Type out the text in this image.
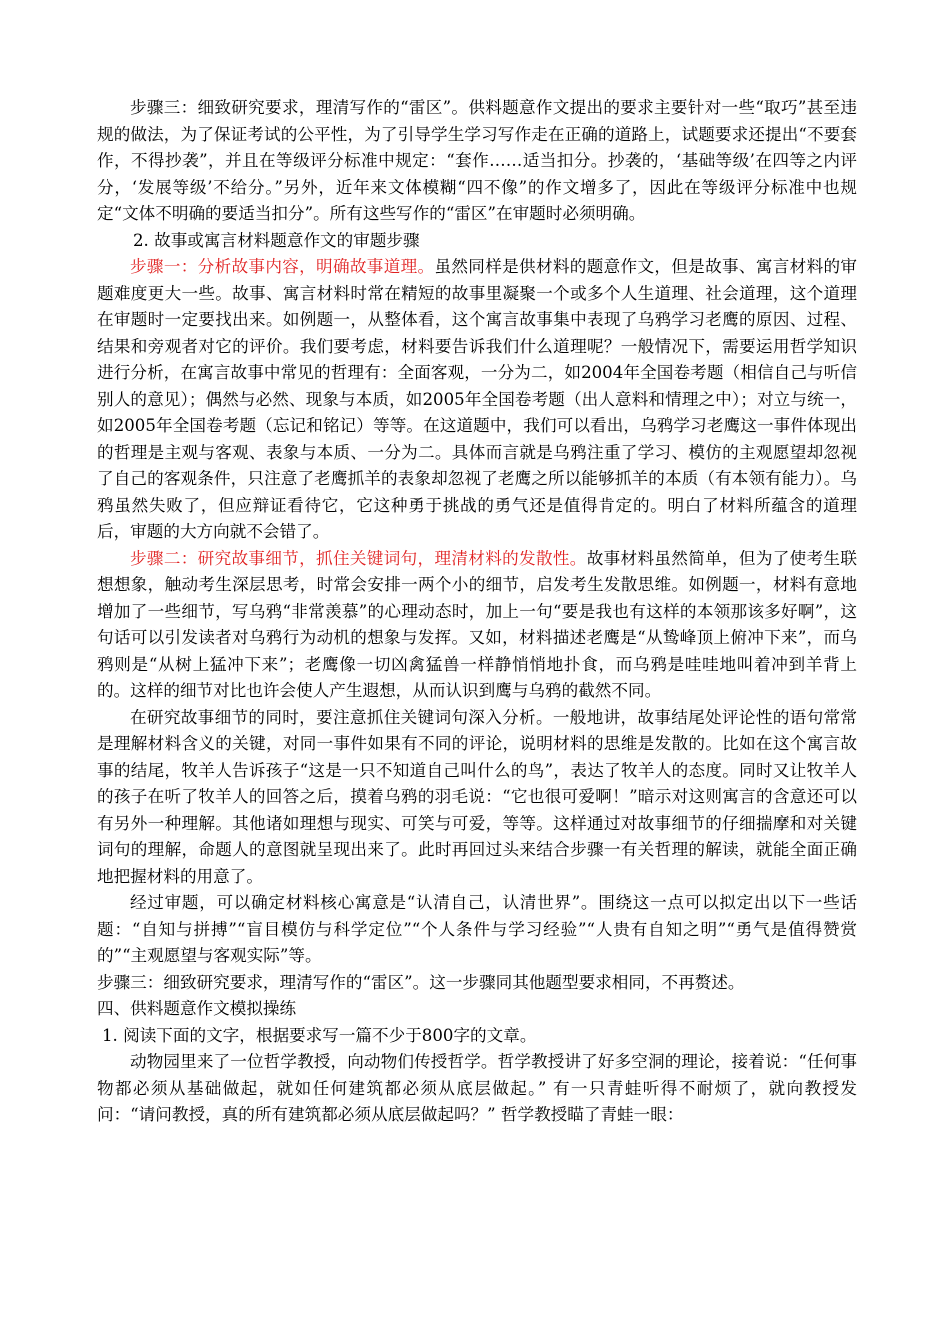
步骤三：细致研究要求，理清写作的“雷区”。供料题意作文提出的要求主要针对一些“取巧”甚至违规的做法，为了保证考试的公平性，为了引导学生学习写作走在正确的道路上，试题要求还提出“不要套作，不得抄袭”，并且在等级评分标准中规定：“套作……适当扣分。抄袭的，‘基础等级’在四等之内评分，‘发展等级’不给分。”另外，近年来文体模糊“四不像”的作文增多了，因此在等级评分标准中也规定“文体不明确的要适当扣分”。所有这些写作的“雷区”在审题时必须明确。

2. 故事或寓言材料题意作文的审题步骤

步骤一：分析故事内容，明确故事道理。虽然同样是供材料的题意作文，但是故事、寓言材料的审题难度更大一些。故事、寓言材料时常在精短的故事里凝聚一个或多个人生道理、社会道理，这个道理在审题时一定要找出来。如例题一，从整体看，这个寓言故事集中表现了乌鸦学习老鹰的原因、过程、结果和旁观者对它的评价。我们要考虑，材料要告诉我们什么道理呢？一般情况下，需要运用哲学知识进行分析，在寓言故事中常见的哲理有：全面客观，一分为二，如2004年全国卷考题（相信自己与听信别人的意见）；偶然与必然、现象与本质，如2005年全国卷考题（出人意料和情理之中）；对立与统一，如2005年全国卷考题（忘记和铭记）等等。在这道题中，我们可以看出，乌鸦学习老鹰这一事件体现出的哲理是主观与客观、表象与本质、一分为二。具体而言就是乌鸦注重了学习、模仿的主观愿望却忽视了自己的客观条件，只注意了老鹰抓羊的表象却忽视了老鹰之所以能够抓羊的本质（有本领有能力）。乌鸦虽然失败了，但应辩证看待它，它这种勇于挑战的勇气还是值得肯定的。明白了材料所蕴含的道理后，审题的大方向就不会错了。

步骤二：研究故事细节，抓住关键词句，理清材料的发散性。故事材料虽然简单，但为了使考生联想想象，触动考生深层思考，时常会安排一两个小的细节，启发考生发散思维。如例题一，材料有意地增加了一些细节，写乌鸦“非常羡慕”的心理动态时，加上一句“要是我也有这样的本领那该多好啊”，这句话可以引发读者对乌鸦行为动机的想象与发挥。又如，材料描述老鹰是“从鸷峰顶上俯冲下来”，而乌鸦则是“从树上猛冲下来”；老鹰像一切凶禽猛兽一样静悄悄地扑食，而乌鸦是哇哇地叫着冲到羊背上的。这样的细节对比也许会使人产生遐想，从而认识到鹰与乌鸦的截然不同。

在研究故事细节的同时，要注意抓住关键词句深入分析。一般地讲，故事结尾处评论性的语句常常是理解材料含义的关键，对同一事件如果有不同的评论，说明材料的思维是发散的。比如在这个寓言故事的结尾，牧羊人告诉孩子“这是一只不知道自己叫什么的鸟”，表达了牧羊人的态度。同时又让牧羊人的孩子在听了牧羊人的回答之后，摸着乌鸦的羽毛说：“它也很可爱啊！”暗示对这则寓言的含意还可以有另外一种理解。其他诸如理想与现实、可笑与可爱，等等。这样通过对故事细节的仔细揣摩和对关键词句的理解，命题人的意图就呈现出来了。此时再回过头来结合步骤一有关哲理的解读，就能全面正确地把握材料的用意了。

经过审题，可以确定材料核心寓意是“认清自己，认清世界”。围绕这一点可以拟定出以下一些话题：“自知与拼搏”“盲目模仿与科学定位”“个人条件与学习经验”“人贵有自知之明”“勇气是值得赞赏的”“主观愿望与客观实际”等。

步骤三：细致研究要求，理清写作的“雷区”。这一步骤同其他题型要求相同，不再赘述。

四、供料题意作文模拟操练

1. 阅读下面的文字，根据要求写一篇不少于800字的文章。

动物园里来了一位哲学教授，向动物们传授哲学。哲学教授讲了好多空洞的理论，接着说：“任何事物都必须从基础做起，就如任何建筑都必须从底层做起。” 有一只青蛙听得不耐烦了，就向教授发问：“请问教授，真的所有建筑都必须从底层做起吗？” 哲学教授瞄了青蛙一眼：
